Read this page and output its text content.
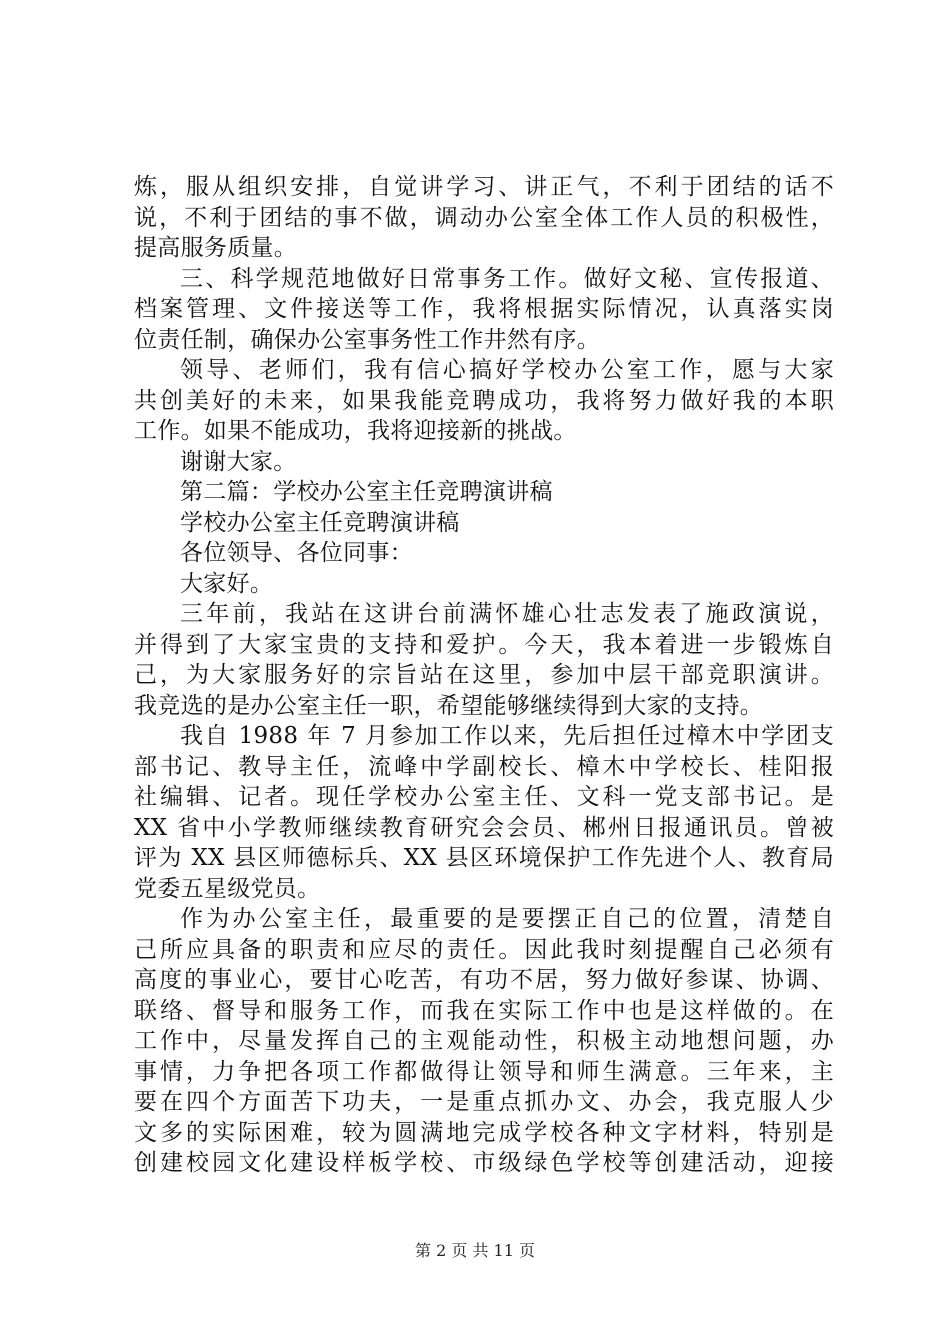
炼，服从组织安排，自觉讲学习、讲正气，不利于团结的话不
说，不利于团结的事不做，调动办公室全体工作人员的积极性，
提高服务质量。
三、科学规范地做好日常事务工作。做好文秘、宣传报道、
档案管理、文件接送等工作，我将根据实际情况，认真落实岗
位责任制，确保办公室事务性工作井然有序。
领导、老师们，我有信心搞好学校办公室工作，愿与大家
共创美好的未来，如果我能竞聘成功，我将努力做好我的本职
工作。如果不能成功，我将迎接新的挑战。
谢谢大家。
第二篇：学校办公室主任竞聘演讲稿
学校办公室主任竞聘演讲稿
各位领导、各位同事：
大家好。
三年前，我站在这讲台前满怀雄心壮志发表了施政演说，
并得到了大家宝贵的支持和爱护。今天，我本着进一步锻炼自
己，为大家服务好的宗旨站在这里，参加中层干部竞职演讲。
我竞选的是办公室主任一职，希望能够继续得到大家的支持。
我自 1988 年 7 月参加工作以来，先后担任过樟木中学团支
部书记、教导主任，流峰中学副校长、樟木中学校长、桂阳报
社编辑、记者。现任学校办公室主任、文科一党支部书记。是
XX 省中小学教师继续教育研究会会员、郴州日报通讯员。曾被
评为 XX 县区师德标兵、XX 县区环境保护工作先进个人、教育局
党委五星级党员。
作为办公室主任，最重要的是要摆正自己的位置，清楚自
己所应具备的职责和应尽的责任。因此我时刻提醒自己必须有
高度的事业心，要甘心吃苦，有功不居，努力做好参谋、协调、
联络、督导和服务工作，而我在实际工作中也是这样做的。在
工作中，尽量发挥自己的主观能动性，积极主动地想问题，办
事情，力争把各项工作都做得让领导和师生满意。三年来，主
要在四个方面苦下功夫，一是重点抓办文、办会，我克服人少
文多的实际困难，较为圆满地完成学校各种文字材料，特别是
创建校园文化建设样板学校、市级绿色学校等创建活动，迎接
第 2 页 共 11 页
